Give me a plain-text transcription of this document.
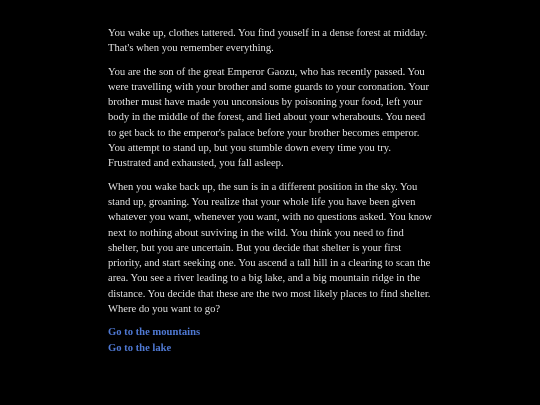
You wake up, clothes tattered. You find youself in a dense forest at midday. That's when you remember everything.

You are the son of the great Emperor Gaozu, who has recently passed. You were travelling with your brother and some guards to your coronation. Your brother must have made you unconsious by poisoning your food, left your body in the middle of the forest, and lied about your wherabouts. You need to get back to the emperor's palace before your brother becomes emperor. You attempt to stand up, but you stumble down every time you try. Frustrated and exhausted, you fall asleep.

When you wake back up, the sun is in a different position in the sky. You stand up, groaning. You realize that your whole life you have been given whatever you want, whenever you want, with no questions asked. You know next to nothing about suviving in the wild. You think you need to find shelter, but you are uncertain. But you decide that shelter is your first priority, and start seeking one. You ascend a tall hill in a clearing to scan the area. You see a river leading to a big lake, and a big mountain ridge in the distance. You decide that these are the two most likely places to find shelter. Where do you want to go?

Go to the mountains
Go to the lake
